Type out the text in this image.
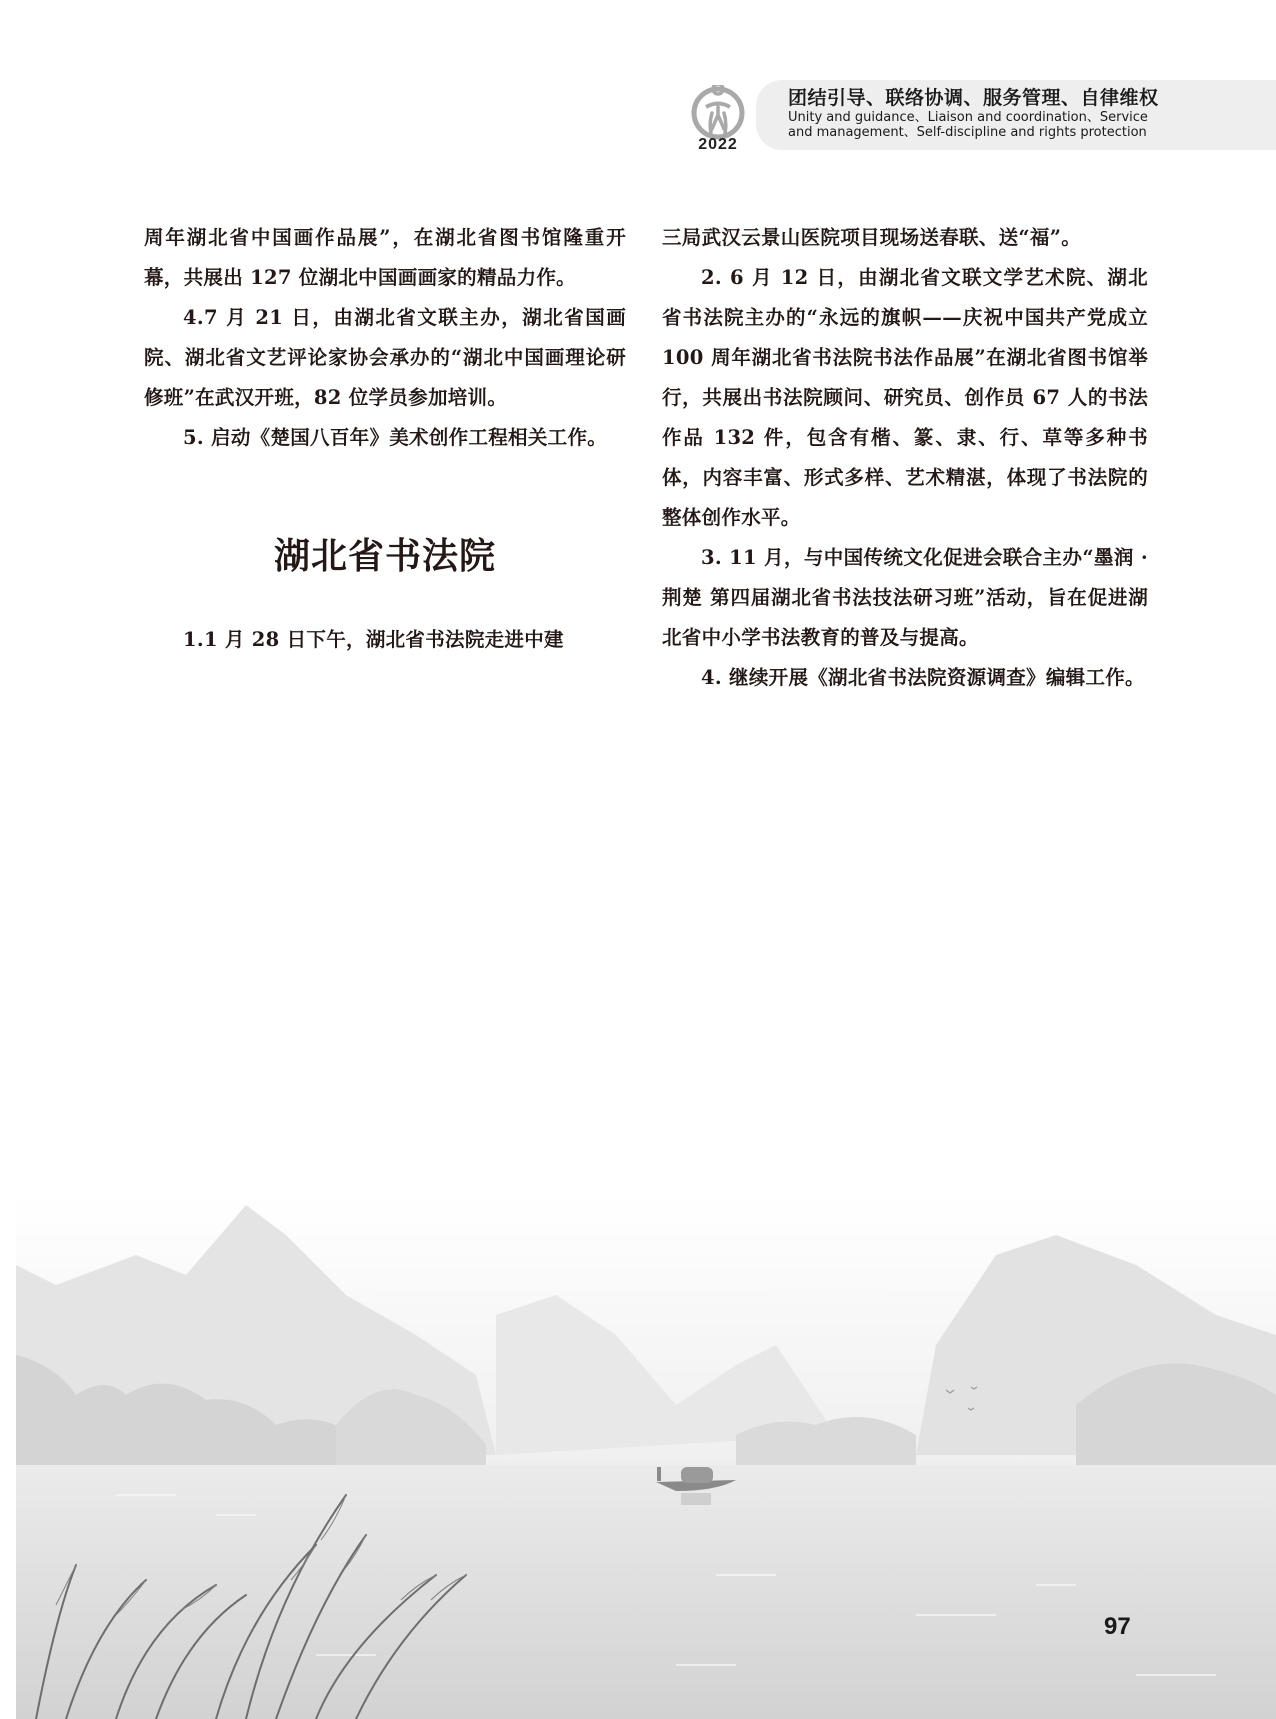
2022
团结引导、联络协调、服务管理、自律维权
Unity and guidance、Liaison and coordination、Service
and management、Self-discipline and rights protection

周年湖北省中国画作品展”，在湖北省图书馆隆重开幕，共展出 127 位湖北中国画画家的精品力作。

4.7 月 21 日，由湖北省文联主办，湖北省国画院、湖北省文艺评论家协会承办的“湖北中国画理论研修班”在武汉开班，82 位学员参加培训。

5. 启动《楚国八百年》美术创作工程相关工作。

湖北省书法院

1.1 月 28 日下午，湖北省书法院走进中建

三局武汉云景山医院项目现场送春联、送“福”。

2. 6 月 12 日，由湖北省文联文学艺术院、湖北省书法院主办的“永远的旗帜——庆祝中国共产党成立 100 周年湖北省书法院书法作品展”在湖北省图书馆举行，共展出书法院顾问、研究员、创作员 67 人的书法作品 132 件，包含有楷、篆、隶、行、草等多种书体，内容丰富、形式多样、艺术精湛，体现了书法院的整体创作水平。

3. 11 月，与中国传统文化促进会联合主办“墨润 · 荆楚 第四届湖北省书法技法研习班”活动，旨在促进湖北省中小学书法教育的普及与提高。

4. 继续开展《湖北省书法院资源调查》编辑工作。

97
